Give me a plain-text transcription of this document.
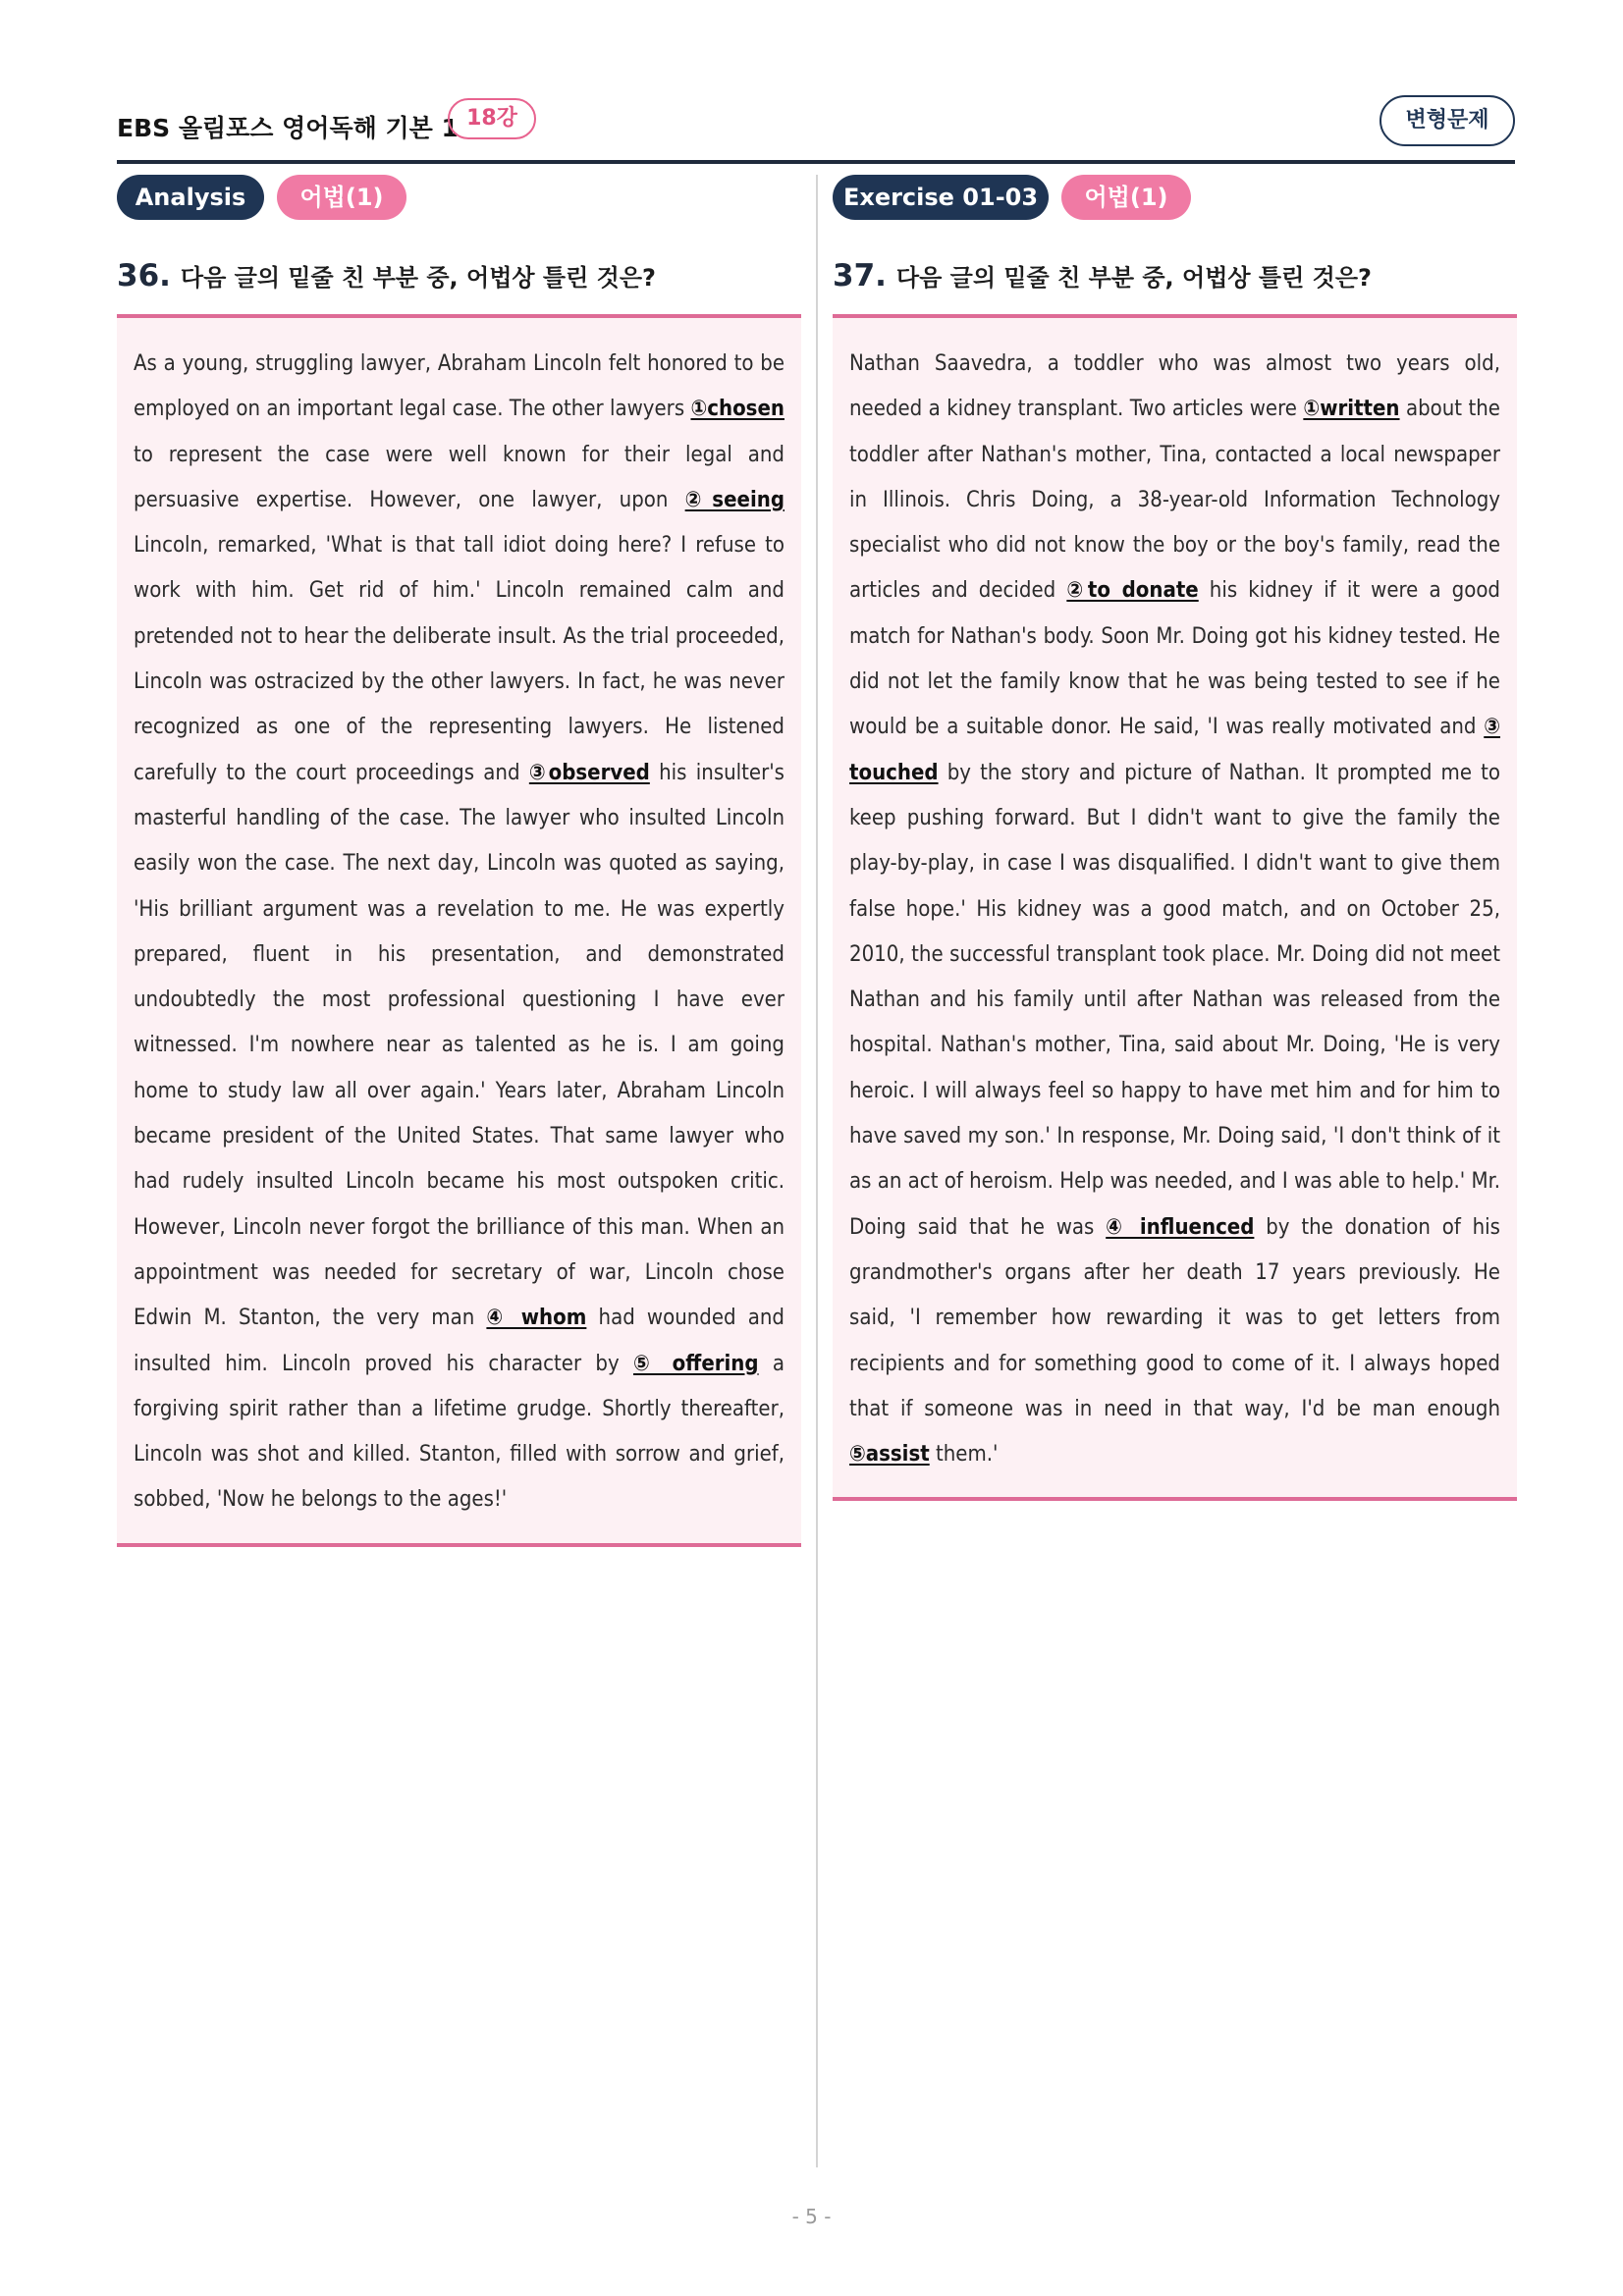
EBS 올림포스 영어독해 기본 1 18강	변형문제
Analysis	어법(1)
36. 다음 글의 밑줄 친 부분 중, 어법상 틀린 것은?
As a young, struggling lawyer, Abraham Lincoln felt honored to be employed on an important legal case. The other lawyers ①chosen to represent the case were well known for their legal and persuasive expertise. However, one lawyer, upon ②seeing Lincoln, remarked, 'What is that tall idiot doing here? I refuse to work with him. Get rid of him.' Lincoln remained calm and pretended not to hear the deliberate insult. As the trial proceeded, Lincoln was ostracized by the other lawyers. In fact, he was never recognized as one of the representing lawyers. He listened carefully to the court proceedings and ③observed his insulter's masterful handling of the case. The lawyer who insulted Lincoln easily won the case. The next day, Lincoln was quoted as saying, 'His brilliant argument was a revelation to me. He was expertly prepared, fluent in his presentation, and demonstrated undoubtedly the most professional questioning I have ever witnessed. I'm nowhere near as talented as he is. I am going home to study law all over again.' Years later, Abraham Lincoln became president of the United States. That same lawyer who had rudely insulted Lincoln became his most outspoken critic. However, Lincoln never forgot the brilliance of this man. When an appointment was needed for secretary of war, Lincoln chose Edwin M. Stanton, the very man ④ whom had wounded and insulted him. Lincoln proved his character by ⑤ offering a forgiving spirit rather than a lifetime grudge. Shortly thereafter, Lincoln was shot and killed. Stanton, filled with sorrow and grief, sobbed, 'Now he belongs to the ages!'
Exercise 01-03	어법(1)
37. 다음 글의 밑줄 친 부분 중, 어법상 틀린 것은?
Nathan Saavedra, a toddler who was almost two years old, needed a kidney transplant. Two articles were ①written about the toddler after Nathan's mother, Tina, contacted a local newspaper in Illinois. Chris Doing, a 38-year-old Information Technology specialist who did not know the boy or the boy's family, read the articles and decided ②to donate his kidney if it were a good match for Nathan's body. Soon Mr. Doing got his kidney tested. He did not let the family know that he was being tested to see if he would be a suitable donor. He said, 'I was really motivated and ③ touched by the story and picture of Nathan. It prompted me to keep pushing forward. But I didn't want to give the family the play-by-play, in case I was disqualified. I didn't want to give them false hope.' His kidney was a good match, and on October 25, 2010, the successful transplant took place. Mr. Doing did not meet Nathan and his family until after Nathan was released from the hospital. Nathan's mother, Tina, said about Mr. Doing, 'He is very heroic. I will always feel so happy to have met him and for him to have saved my son.' In response, Mr. Doing said, 'I don't think of it as an act of heroism. Help was needed, and I was able to help.' Mr. Doing said that he was ④ influenced by the donation of his grandmother's organs after her death 17 years previously. He said, 'I remember how rewarding it was to get letters from recipients and for something good to come of it. I always hoped that if someone was in need in that way, I'd be man enough ⑤assist them.'
- 5 -
